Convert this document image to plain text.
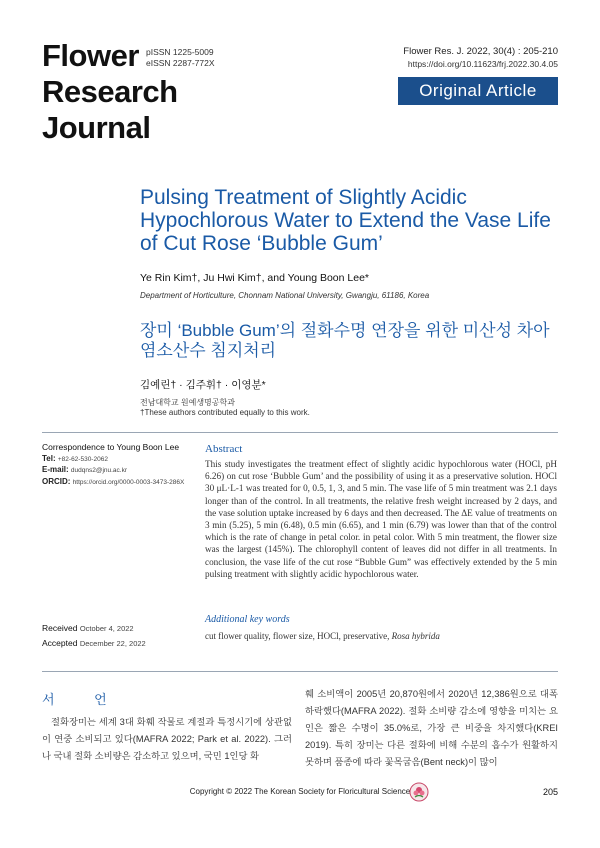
Flower
Research
Journal
pISSN 1225-5009
eISSN 2287-772X
Flower Res. J. 2022, 30(4) : 205-210
https://doi.org/10.11623/frj.2022.30.4.05
Original Article
Pulsing Treatment of Slightly Acidic Hypochlorous Water to Extend the Vase Life of Cut Rose ‘Bubble Gum’
Ye Rin Kim†, Ju Hwi Kim†, and Young Boon Lee*
Department of Horticulture, Chonnam National University, Gwangju, 61186, Korea
장미 ‘Bubble Gum’의 절화수명 연장을 위한 미산성 차아염소산수 침지처리
김예린† · 김주휘† · 이영분*
전남대학교 원예생명공학과
†These authors contributed equally to this work.
Correspondence to Young Boon Lee
Tel: +82-62-530-2062
E-mail: dudqns2@jnu.ac.kr
ORCID: https://orcid.org/0000-0003-3473-286X
Abstract
This study investigates the treatment effect of slightly acidic hypochlorous water (HOCl, pH 6.26) on cut rose ‘Bubble Gum’ and the possibility of using it as a preservative solution. HOCl 30 μL·L-1 was treated for 0, 0.5, 1, 3, and 5 min. The vase life of 5 min treatment was 2.1 days longer than of the control. In all treatments, the relative fresh weight increased by 2 days, and the vase solution uptake increased by 6 days and then decreased. The ΔE value of treatments on 3 min (5.25), 5 min (6.48), 0.5 min (6.65), and 1 min (6.79) was lower than that of the control which is the rate of change in petal color. in petal color. With 5 min treatment, the flower size was the largest (145%). The chlorophyll content of leaves did not differ in all treatments. In conclusion, the vase life of the cut rose “Bubble Gum” was effectively extended by the 5 min pulsing treatment with slightly acidic hypochlorous water.
Received October 4, 2022
Accepted December 22, 2022
Additional key words
cut flower quality, flower size, HOCl, preservative, Rosa hybrida
서 언
절화장미는 세계 3대 화훼 작물로 계절과 특정시기에 상관없이 연중 소비되고 있다(MAFRA 2022; Park et al. 2022). 그러나 국내 절화 소비량은 감소하고 있으며, 국민 1인당 화
훼 소비액이 2005년 20,870원에서 2020년 12,386원으로 대폭 하락했다(MAFRA 2022). 절화 소비량 감소에 영향을 미치는 요인은 짧은 수명이 35.0%로, 가장 큰 비중을 차지했다(KREI 2019). 특히 장미는 다른 절화에 비해 수분의 흡수가 원활하지 못하며 품종에 따라 꽃목굽음(Bent neck)이 많이
Copyright © 2022 The Korean Society for Floricultural Science	205
